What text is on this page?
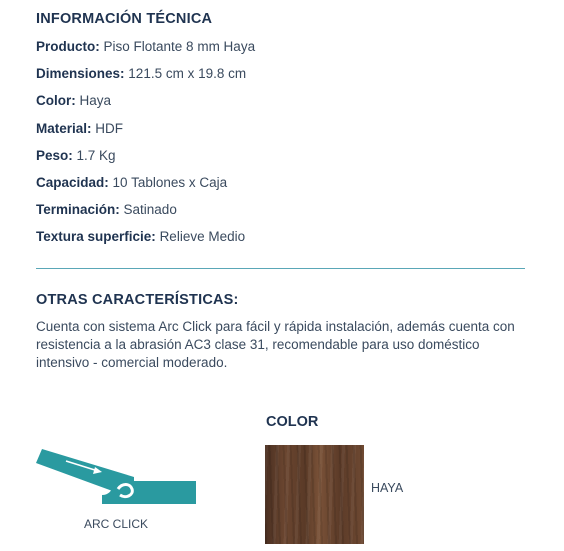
INFORMACIÓN TÉCNICA
Producto: Piso Flotante 8 mm Haya
Dimensiones: 121.5 cm x 19.8 cm
Color: Haya
Material: HDF
Peso: 1.7 Kg
Capacidad: 10 Tablones x Caja
Terminación: Satinado
Textura superficie: Relieve Medio
OTRAS CARACTERÍSTICAS:
Cuenta con sistema Arc Click para fácil y rápida instalación, además cuenta con resistencia a la abrasión AC3 clase 31, recomendable para uso doméstico intensivo - comercial moderado.
ARC CLICK
COLOR
HAYA
